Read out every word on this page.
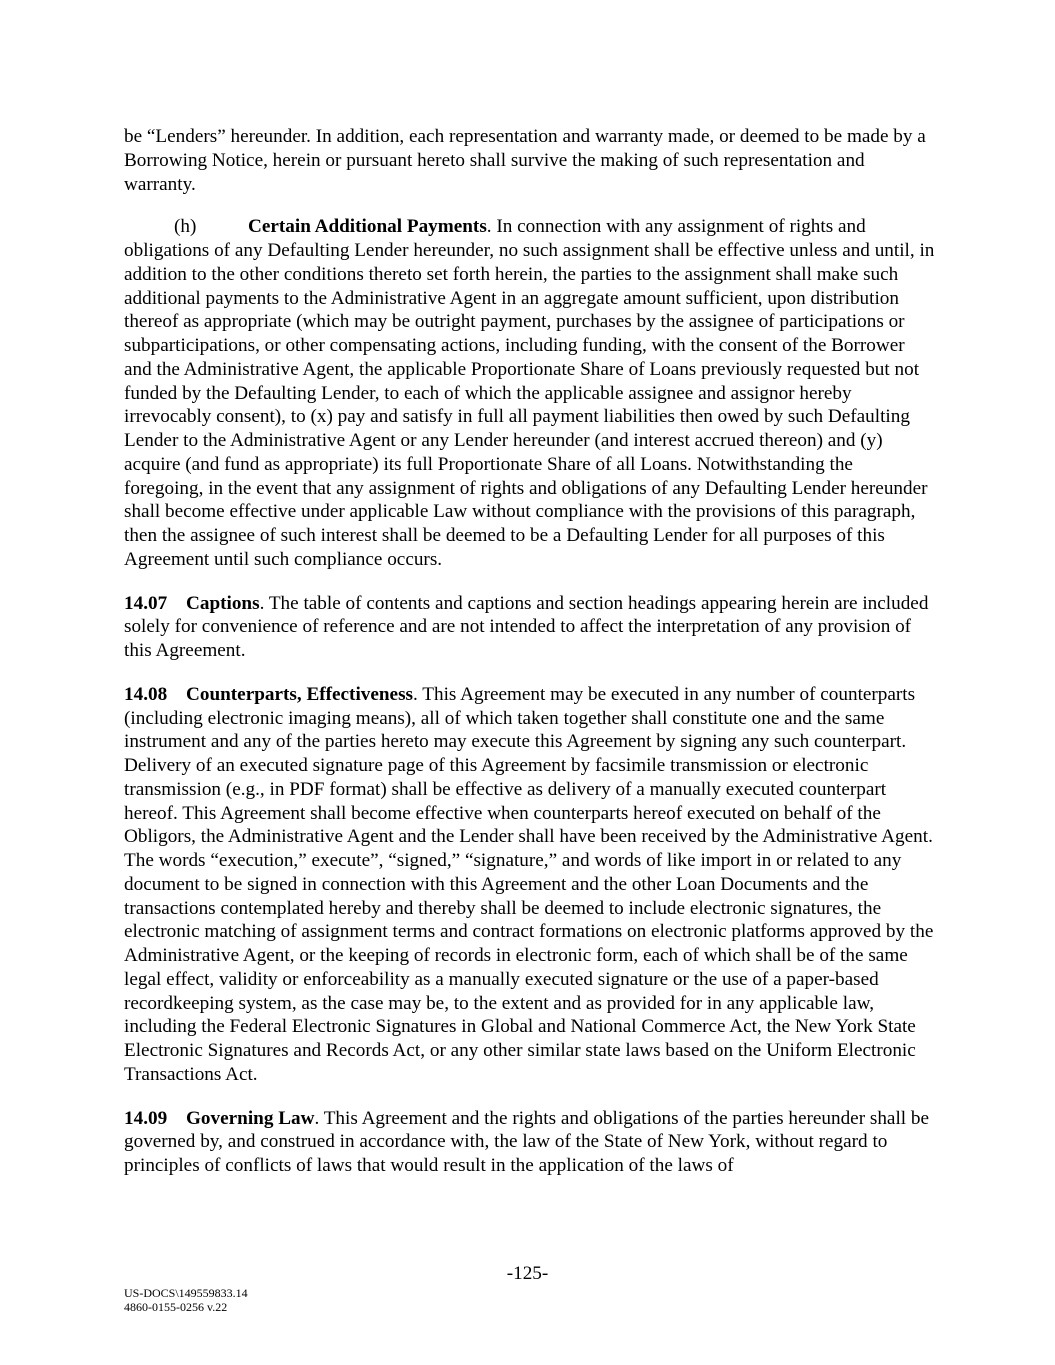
be “Lenders” hereunder. In addition, each representation and warranty made, or deemed to be made by a Borrowing Notice, herein or pursuant hereto shall survive the making of such representation and warranty.

(h)	Certain Additional Payments. In connection with any assignment of rights and obligations of any Defaulting Lender hereunder, no such assignment shall be effective unless and until, in addition to the other conditions thereto set forth herein, the parties to the assignment shall make such additional payments to the Administrative Agent in an aggregate amount sufficient, upon distribution thereof as appropriate (which may be outright payment, purchases by the assignee of participations or subparticipations, or other compensating actions, including funding, with the consent of the Borrower and the Administrative Agent, the applicable Proportionate Share of Loans previously requested but not funded by the Defaulting Lender, to each of which the applicable assignee and assignor hereby irrevocably consent), to (x) pay and satisfy in full all payment liabilities then owed by such Defaulting Lender to the Administrative Agent or any Lender hereunder (and interest accrued thereon) and (y) acquire (and fund as appropriate) its full Proportionate Share of all Loans. Notwithstanding the foregoing, in the event that any assignment of rights and obligations of any Defaulting Lender hereunder shall become effective under applicable Law without compliance with the provisions of this paragraph, then the assignee of such interest shall be deemed to be a Defaulting Lender for all purposes of this Agreement until such compliance occurs.

14.07 Captions. The table of contents and captions and section headings appearing herein are included solely for convenience of reference and are not intended to affect the interpretation of any provision of this Agreement.

14.08 Counterparts, Effectiveness. This Agreement may be executed in any number of counterparts (including electronic imaging means), all of which taken together shall constitute one and the same instrument and any of the parties hereto may execute this Agreement by signing any such counterpart. Delivery of an executed signature page of this Agreement by facsimile transmission or electronic transmission (e.g., in PDF format) shall be effective as delivery of a manually executed counterpart hereof. This Agreement shall become effective when counterparts hereof executed on behalf of the Obligors, the Administrative Agent and the Lender shall have been received by the Administrative Agent. The words “execution,” execute”, “signed,” “signature,” and words of like import in or related to any document to be signed in connection with this Agreement and the other Loan Documents and the transactions contemplated hereby and thereby shall be deemed to include electronic signatures, the electronic matching of assignment terms and contract formations on electronic platforms approved by the Administrative Agent, or the keeping of records in electronic form, each of which shall be of the same legal effect, validity or enforceability as a manually executed signature or the use of a paper-based recordkeeping system, as the case may be, to the extent and as provided for in any applicable law, including the Federal Electronic Signatures in Global and National Commerce Act, the New York State Electronic Signatures and Records Act, or any other similar state laws based on the Uniform Electronic Transactions Act.

14.09 Governing Law. This Agreement and the rights and obligations of the parties hereunder shall be governed by, and construed in accordance with, the law of the State of New York, without regard to principles of conflicts of laws that would result in the application of the laws of

-125-
US-DOCS\149559833.14
4860-0155-0256 v.22
